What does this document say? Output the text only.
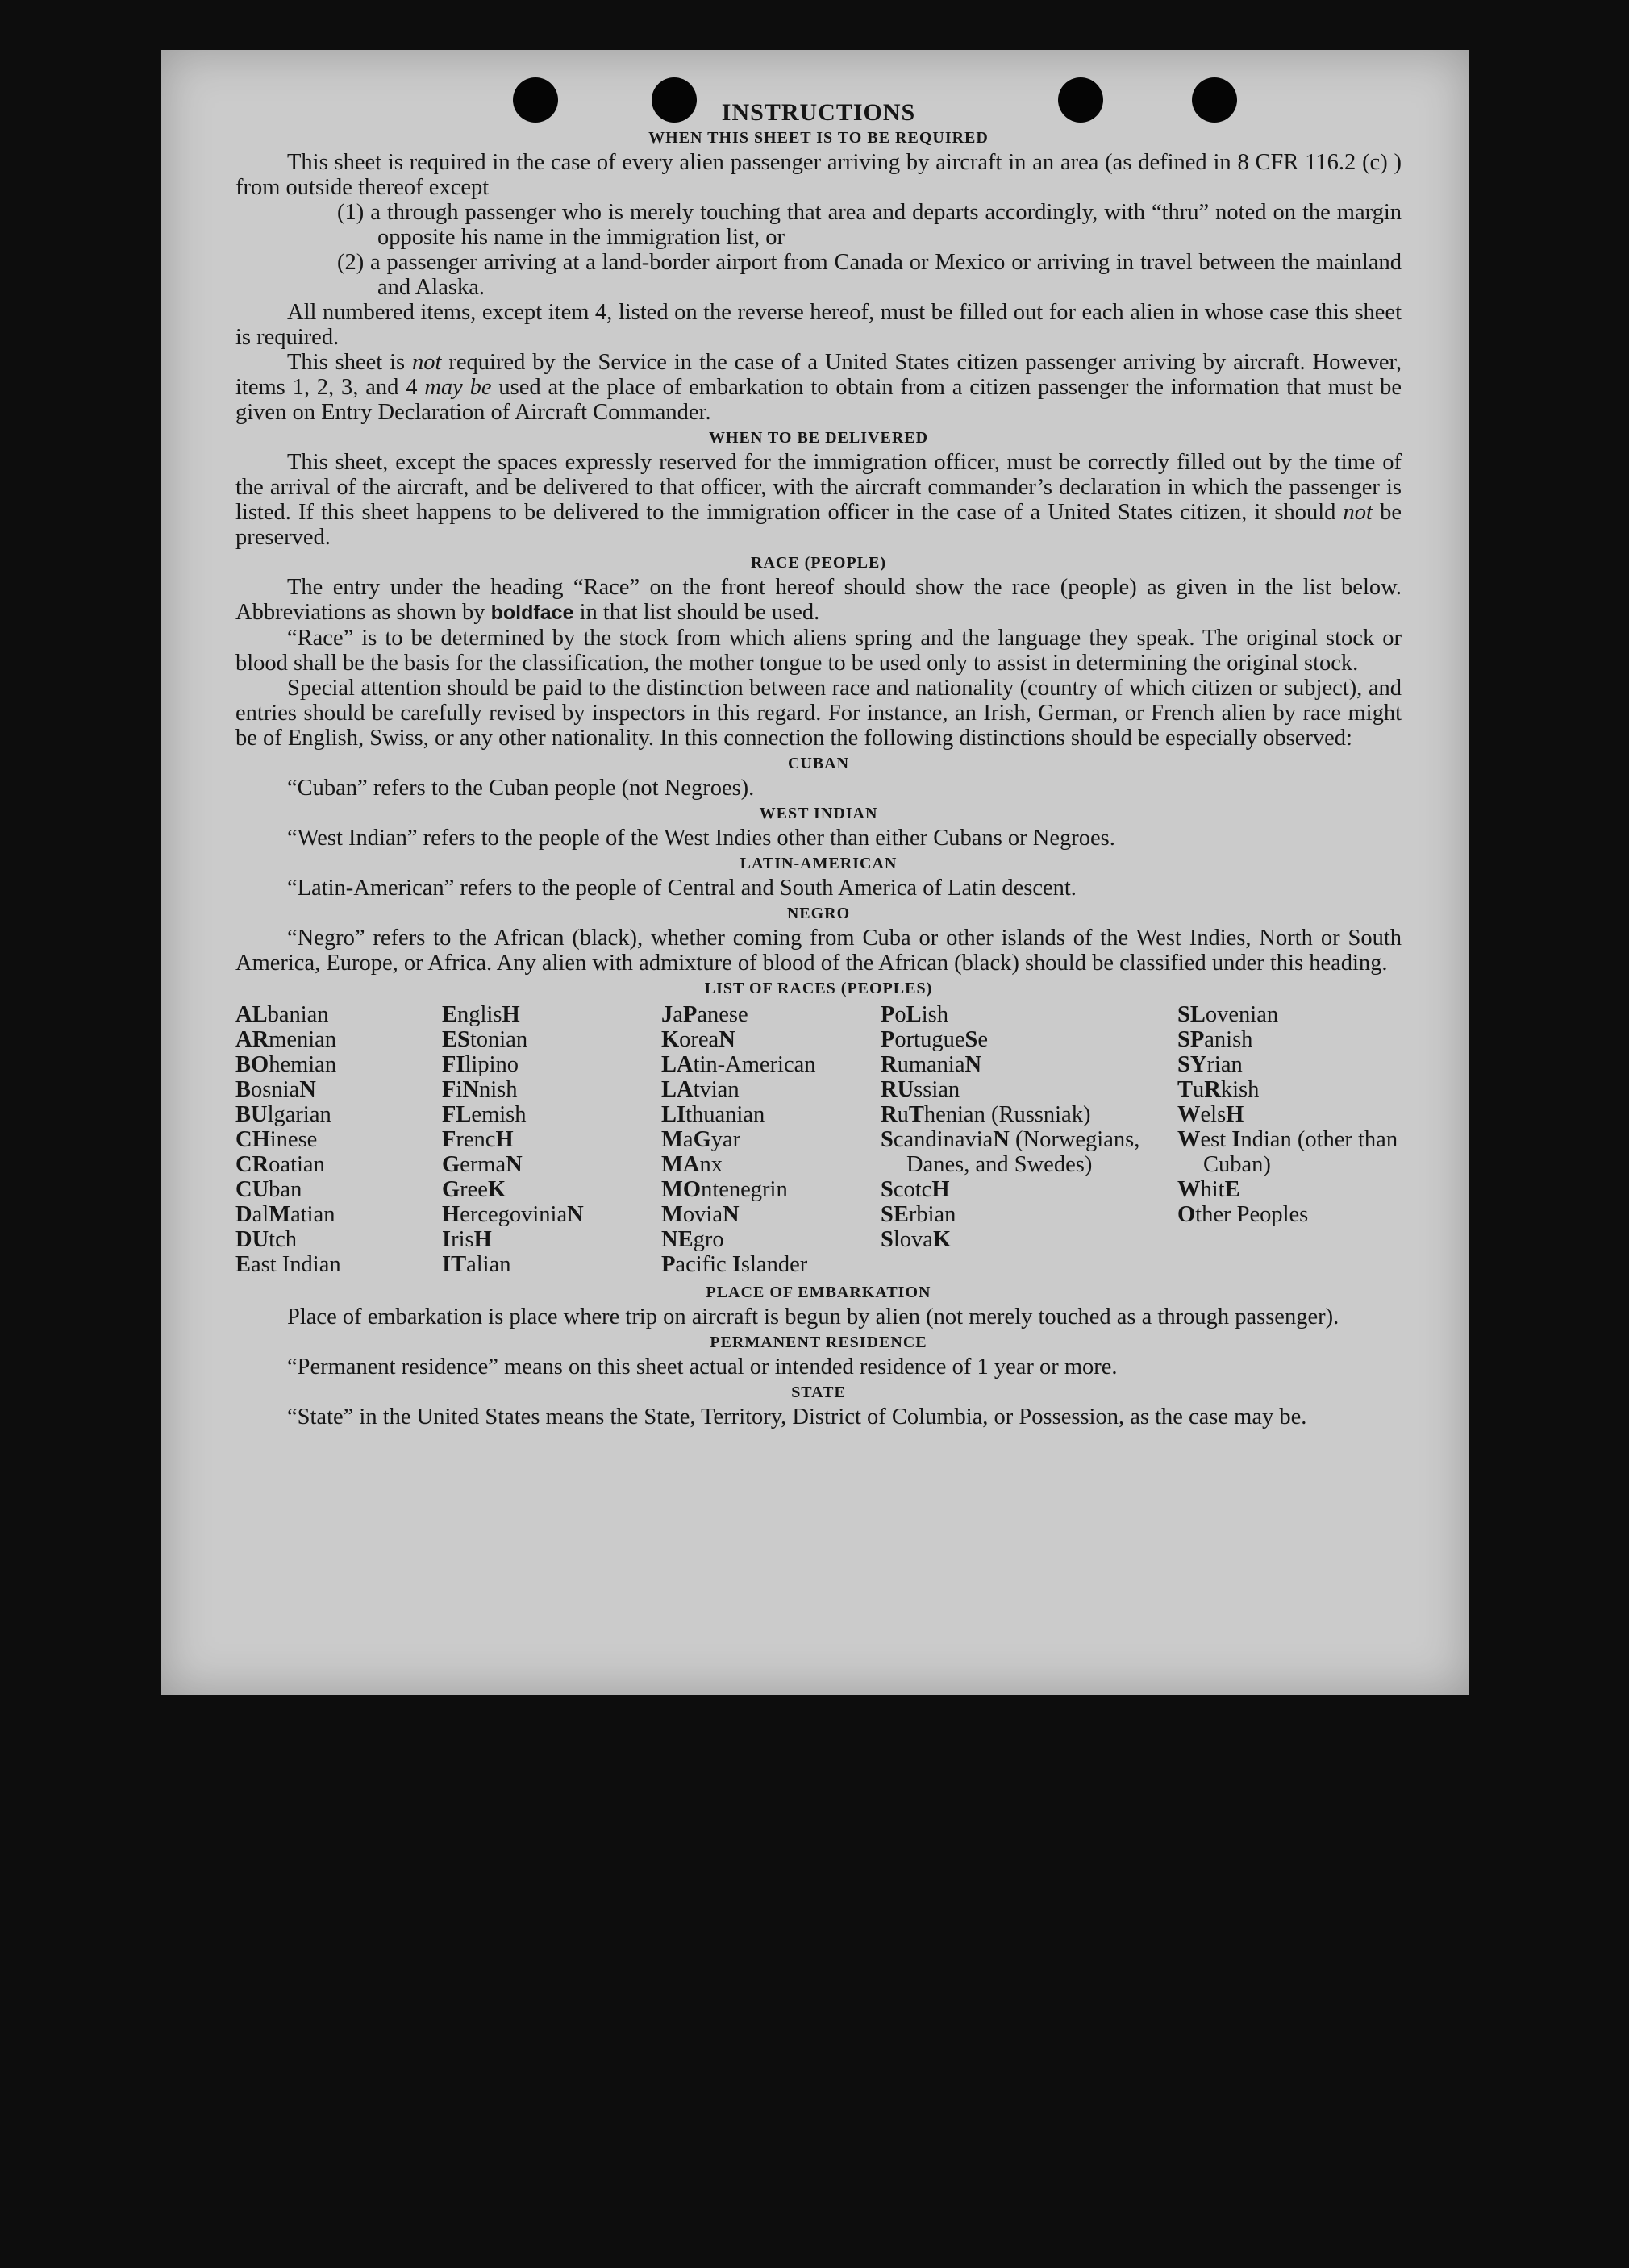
INSTRUCTIONS
WHEN THIS SHEET IS TO BE REQUIRED

This sheet is required in the case of every alien passenger arriving by aircraft in an area (as defined in 8 CFR 116.2 (c) ) from outside thereof except

(1) a through passenger who is merely touching that area and departs accordingly, with “thru” noted on the margin opposite his name in the immigration list, or

(2) a passenger arriving at a land-border airport from Canada or Mexico or arriving in travel between the mainland and Alaska.

All numbered items, except item 4, listed on the reverse hereof, must be filled out for each alien in whose case this sheet is required.

This sheet is not required by the Service in the case of a United States citizen passenger arriving by aircraft. However, items 1, 2, 3, and 4 may be used at the place of embarkation to obtain from a citizen passenger the information that must be given on Entry Declaration of Aircraft Commander.

WHEN TO BE DELIVERED

This sheet, except the spaces expressly reserved for the immigration officer, must be correctly filled out by the time of the arrival of the aircraft, and be delivered to that officer, with the aircraft commander’s declaration in which the passenger is listed. If this sheet happens to be delivered to the immigration officer in the case of a United States citizen, it should not be preserved.

RACE (PEOPLE)

The entry under the heading “Race” on the front hereof should show the race (people) as given in the list below. Abbreviations as shown by boldface in that list should be used.

“Race” is to be determined by the stock from which aliens spring and the language they speak. The original stock or blood shall be the basis for the classification, the mother tongue to be used only to assist in determining the original stock.

Special attention should be paid to the distinction between race and nationality (country of which citizen or subject), and entries should be carefully revised by inspectors in this regard. For instance, an Irish, German, or French alien by race might be of English, Swiss, or any other nationality. In this connection the following distinctions should be especially observed:

CUBAN

“Cuban” refers to the Cuban people (not Negroes).

WEST INDIAN

“West Indian” refers to the people of the West Indies other than either Cubans or Negroes.

LATIN-AMERICAN

“Latin-American” refers to the people of Central and South America of Latin descent.

NEGRO

“Negro” refers to the African (black), whether coming from Cuba or other islands of the West Indies, North or South America, Europe, or Africa. Any alien with admixture of blood of the African (black) should be classified under this heading.

LIST OF RACES (PEOPLES)
ALbanian
ARmenian
BOhemian
BosniaN
BUlgarian
CHinese
CRoatian
CUban
DalMatian
DUtch
East Indian
EnglisH
EStonian
FIlipino
FiNnish
FLemish
FrencH
GermaN
GreeK
HercegoviniaN
IrisH
ITalian
JaPanese
KoreaN
LAtin-American
LAtvian
LIthuanian
MaGyar
MAnx
MOntenegrin
MoviaN
NEgro
Pacific Islander
PoLish
PortugueSe
RumaniaN
RUssian
RuThenian (Russniak)
ScandinaviaN (Norwegians, Danes, and Swedes)
ScotcH
SErbian
SlovaK
SLovenian
SPanish
SYrian
TuRkish
WelsH
West Indian (other than Cuban)
WhitE
Other Peoples
PLACE OF EMBARKATION

Place of embarkation is place where trip on aircraft is begun by alien (not merely touched as a through passenger).

PERMANENT RESIDENCE

“Permanent residence” means on this sheet actual or intended residence of 1 year or more.

STATE

“State” in the United States means the State, Territory, District of Columbia, or Possession, as the case may be.
